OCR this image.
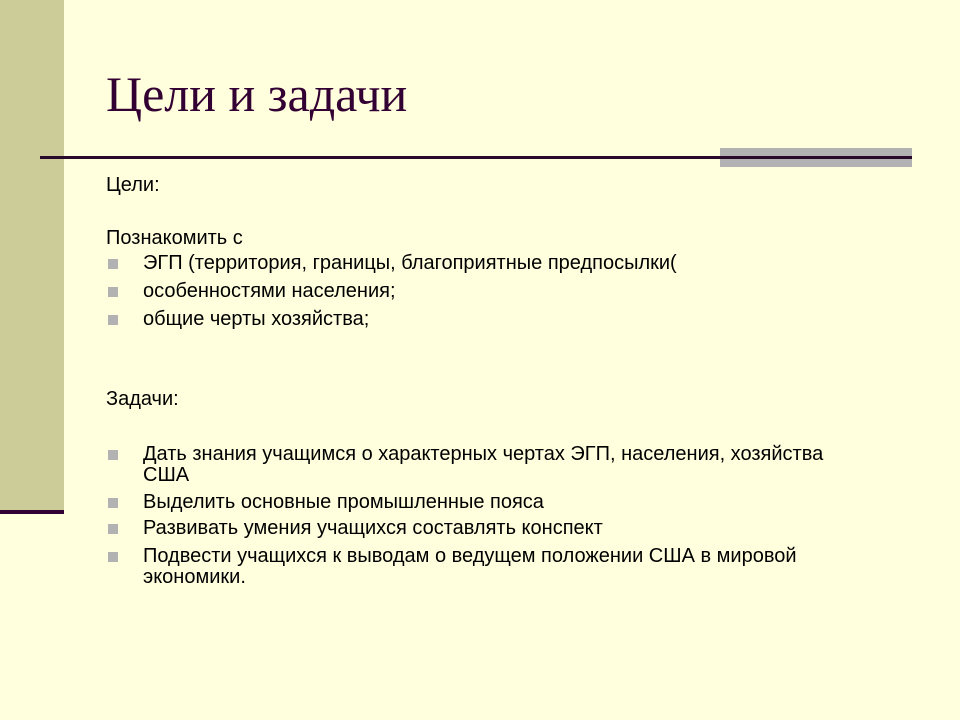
Цели и задачи
Цели:
Познакомить с
ЭГП (территория, границы, благоприятные предпосылки(
особенностями населения;
общие черты хозяйства;
Задачи:
Дать знания учащимся о характерных чертах ЭГП, населения, хозяйства США
Выделить основные промышленные пояса
Развивать умения учащихся составлять конспект
Подвести учащихся к выводам о ведущем положении США в мировой экономики.
